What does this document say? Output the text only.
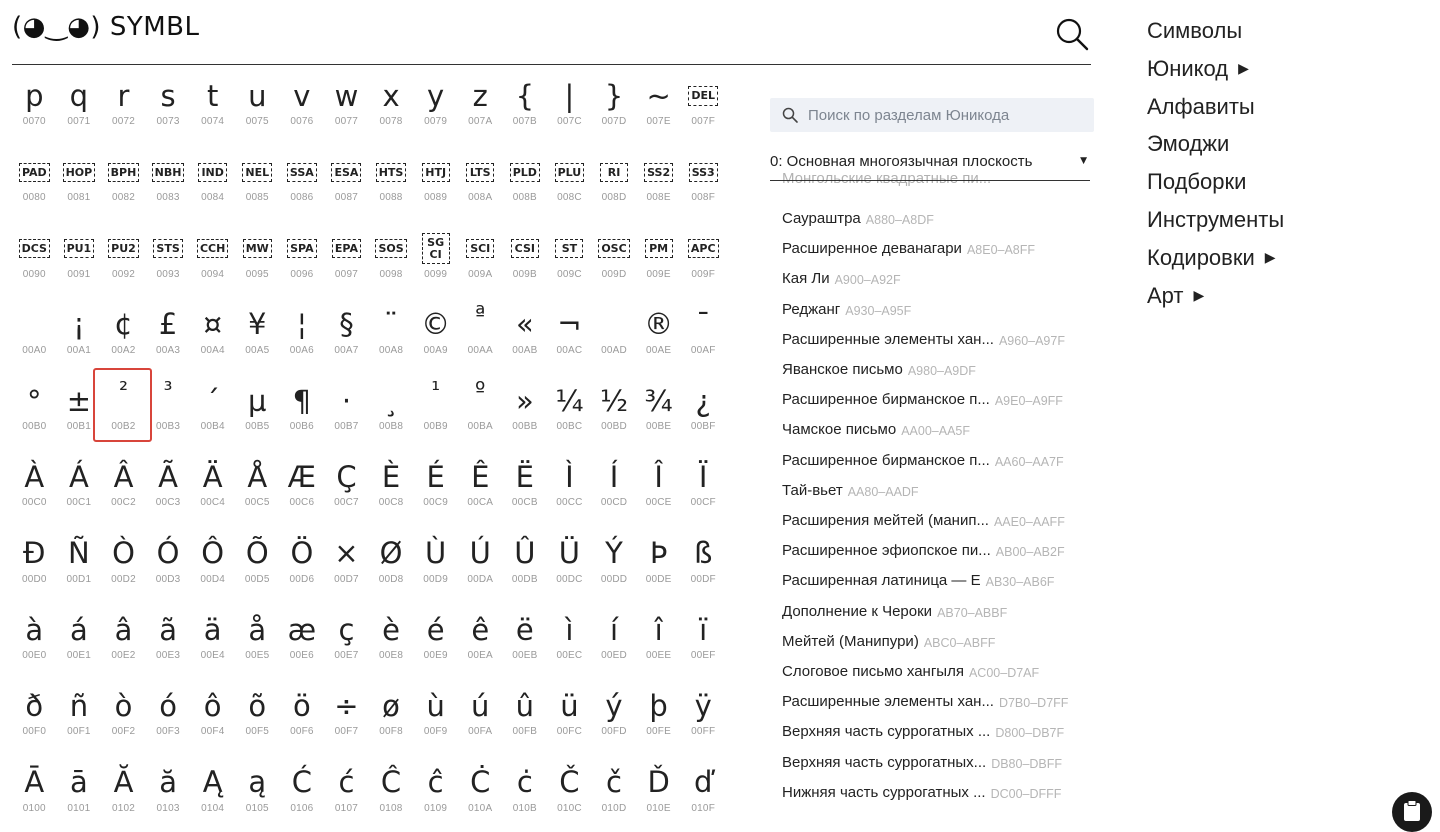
(◕‿◕) SYMBL
p
0070
q
0071
r
0072
s
0073
t
0074
u
0075
v
0076
w
0077
x
0078
y
0079
z
007A
{
007B
|
007C
}
007D
~
007E
DEL
007F
PAD
0080
HOP
0081
BPH
0082
NBH
0083
IND
0084
NEL
0085
SSA
0086
ESA
0087
HTS
0088
HTJ
0089
LTS
008A
PLD
008B
PLU
008C
RI
008D
SS2
008E
SS3
008F
DCS
0090
PU1
0091
PU2
0092
STS
0093
CCH
0094
MW
0095
SPA
0096
EPA
0097
SOS
0098
SG
CI
0099
SCI
009A
CSI
009B
ST
009C
OSC
009D
PM
009E
APC
009F
00A0
¡
00A1
¢
00A2
£
00A3
¤
00A4
¥
00A5
¦
00A6
§
00A7
¨
00A8
©
00A9
ª
00AA
«
00AB
¬
00AC	00AD
®
00AE
¯
00AF
°
00B0
±
00B1
²
00B2
³
00B3
´
00B4
µ
00B5
¶
00B6
·
00B7
¸
00B8
¹
00B9
º
00BA
»
00BB
¼
00BC
½
00BD
¾
00BE
¿
00BF
À
00C0
Á
00C1
Â
00C2
Ã
00C3
Ä
00C4
Å
00C5
Æ
00C6
Ç
00C7
È
00C8
É
00C9
Ê
00CA
Ë
00CB
Ì
00CC
Í
00CD
Î
00CE
Ï
00CF
Ð
00D0
Ñ
00D1
Ò
00D2
Ó
00D3
Ô
00D4
Õ
00D5
Ö
00D6
×
00D7
Ø
00D8
Ù
00D9
Ú
00DA
Û
00DB
Ü
00DC
Ý
00DD
Þ
00DE
ß
00DF
à
00E0
á
00E1
â
00E2
ã
00E3
ä
00E4
å
00E5
æ
00E6
ç
00E7
è
00E8
é
00E9
ê
00EA
ë
00EB
ì
00EC
í
00ED
î
00EE
ï
00EF
ð
00F0
ñ
00F1
ò
00F2
ó
00F3
ô
00F4
õ
00F5
ö
00F6
÷
00F7
ø
00F8
ù
00F9
ú
00FA
û
00FB
ü
00FC
ý
00FD
þ
00FE
ÿ
00FF
Ā
0100
ā
0101
Ă
0102
ă
0103
Ą
0104
ą
0105
Ć
0106
ć
0107
Ĉ
0108
ĉ
0109
Ċ
010A
ċ
010B
Č
010C
č
010D
Ď
010E
ď
010F
Поиск по разделам Юникода
0: Основная многоязычная плоскость	▼
Монгольские квадратные пи...
Саураштра A880–A8DF
Расширенное деванагари A8E0–A8FF
Кая Ли A900–A92F
Реджанг A930–A95F
Расширенные элементы хан... A960–A97F
Яванское письмо A980–A9DF
Расширенное бирманское п... A9E0–A9FF
Чамское письмо AA00–AA5F
Расширенное бирманское п... AA60–AA7F
Тай-вьет AA80–AADF
Расширения мейтей (манип... AAE0–AAFF
Расширенное эфиопское пи... AB00–AB2F
Расширенная латиница — E AB30–AB6F
Дополнение к Чероки AB70–ABBF
Мейтей (Манипури) ABC0–ABFF
Слоговое письмо хангыля AC00–D7AF
Расширенные элементы хан... D7B0–D7FF
Верхняя часть суррогатных ... D800–DB7F
Верхняя часть суррогатных... DB80–DBFF
Нижняя часть суррогатных ... DC00–DFFF
Символы
Юникод ▶
Алфавиты
Эмоджи
Подборки
Инструменты
Кодировки ▶
Арт ▶
